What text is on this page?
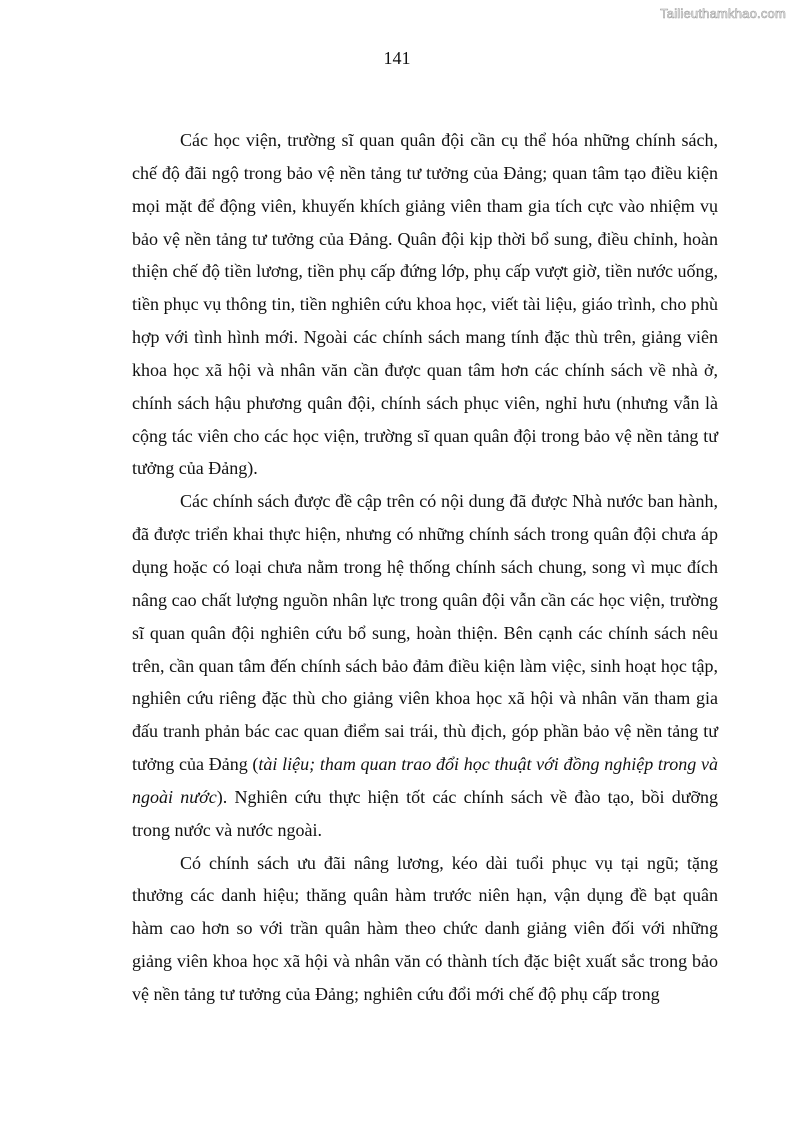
Tailieuthamkhao.com
141

Các học viện, trường sĩ quan quân đội cần cụ thể hóa những chính sách, chế độ đãi ngộ trong bảo vệ nền tảng tư tưởng của Đảng; quan tâm tạo điều kiện mọi mặt để động viên, khuyến khích giảng viên tham gia tích cực vào nhiệm vụ bảo vệ nền tảng tư tưởng của Đảng. Quân đội kịp thời bổ sung, điều chỉnh, hoàn thiện chế độ tiền lương, tiền phụ cấp đứng lớp, phụ cấp vượt giờ, tiền nước uống, tiền phục vụ thông tin, tiền nghiên cứu khoa học, viết tài liệu, giáo trình, cho phù hợp với tình hình mới. Ngoài các chính sách mang tính đặc thù trên, giảng viên khoa học xã hội và nhân văn cần được quan tâm hơn các chính sách về nhà ở, chính sách hậu phương quân đội, chính sách phục viên, nghỉ hưu (nhưng vẫn là cộng tác viên cho các học viện, trường sĩ quan quân đội trong bảo vệ nền tảng tư tưởng của Đảng).

Các chính sách được đề cập trên có nội dung đã được Nhà nước ban hành, đã được triển khai thực hiện, nhưng có những chính sách trong quân đội chưa áp dụng hoặc có loại chưa nằm trong hệ thống chính sách chung, song vì mục đích nâng cao chất lượng nguồn nhân lực trong quân đội vẫn cần các học viện, trường sĩ quan quân đội nghiên cứu bổ sung, hoàn thiện. Bên cạnh các chính sách nêu trên, cần quan tâm đến chính sách bảo đảm điều kiện làm việc, sinh hoạt học tập, nghiên cứu riêng đặc thù cho giảng viên khoa học xã hội và nhân văn tham gia đấu tranh phản bác cac quan điểm sai trái, thù địch, góp phần bảo vệ nền tảng tư tưởng của Đảng (tài liệu; tham quan trao đổi học thuật với đồng nghiệp trong và ngoài nước). Nghiên cứu thực hiện tốt các chính sách về đào tạo, bồi dưỡng trong nước và nước ngoài.

Có chính sách ưu đãi nâng lương, kéo dài tuổi phục vụ tại ngũ; tặng thưởng các danh hiệu; thăng quân hàm trước niên hạn, vận dụng đề bạt quân hàm cao hơn so với trần quân hàm theo chức danh giảng viên đối với những giảng viên khoa học xã hội và nhân văn có thành tích đặc biệt xuất sắc trong bảo vệ nền tảng tư tưởng của Đảng; nghiên cứu đổi mới chế độ phụ cấp trong
